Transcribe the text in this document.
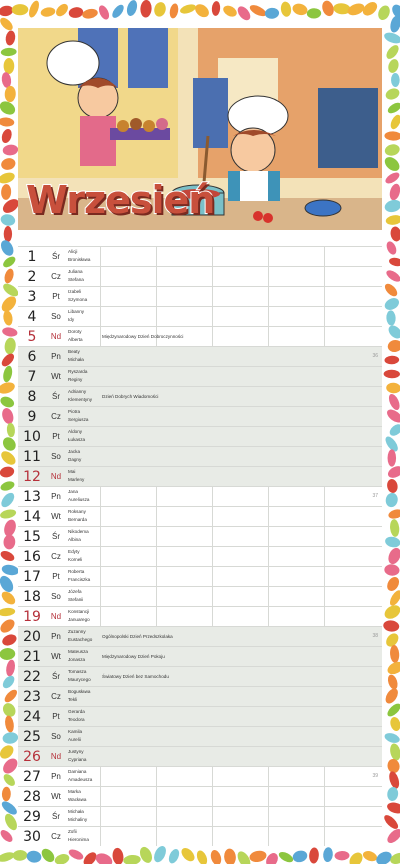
Wrzesień
1	Śr
Alicji
Bronisława
2	Cz
Juliana
Stefana
3	Pt
Izabeli
Szymona
4	So
Libanny
Idy
5	Nd
Doroty
Alberta
Międzynarodowy Dzień Dobroczynności
6	Pn
Beaty
Michała
36
7	Wt
Ryszarda
Reginy
8	Śr
Adrianny
Klementyny
Dzień Dobrych Wiadomości
9	Cz
Piotra
Sergiusza
10	Pt
Aldony
Łukasza
11	So
Jacka
Dagny
12	Nd
Mai
Marleny
13	Pn
Jana
Aureliusza
37
14	Wt
Roksany
Bernarda
15	Śr
Nikodema
Albina
16	Cz
Edyty
Korneli
17	Pt
Roberta
Franciszka
18	So
Józefa
Stefanii
19	Nd
Konstancji
Januarego
20	Pn
Zuzanny
Eustachego
Ogólnopolski Dzień Przedszkolaka	38
21	Wt
Mateusza
Jonasza
Międzynarodowy Dzień Pokoju
22	Śr
Tomasza
Maurycego
Światowy Dzień bez Samochodu
23	Cz
Bogusława
Tekli
24	Pt
Gerarda
Teodora
25	So
Kamila
Aurelii
26	Nd
Justyny
Cypriana
27	Pn
Damiana
Amadeusza
39
28	Wt
Marka
Wacława
29	Śr
Michała
Michaliny
30	Cz
Zofii
Hieronima
